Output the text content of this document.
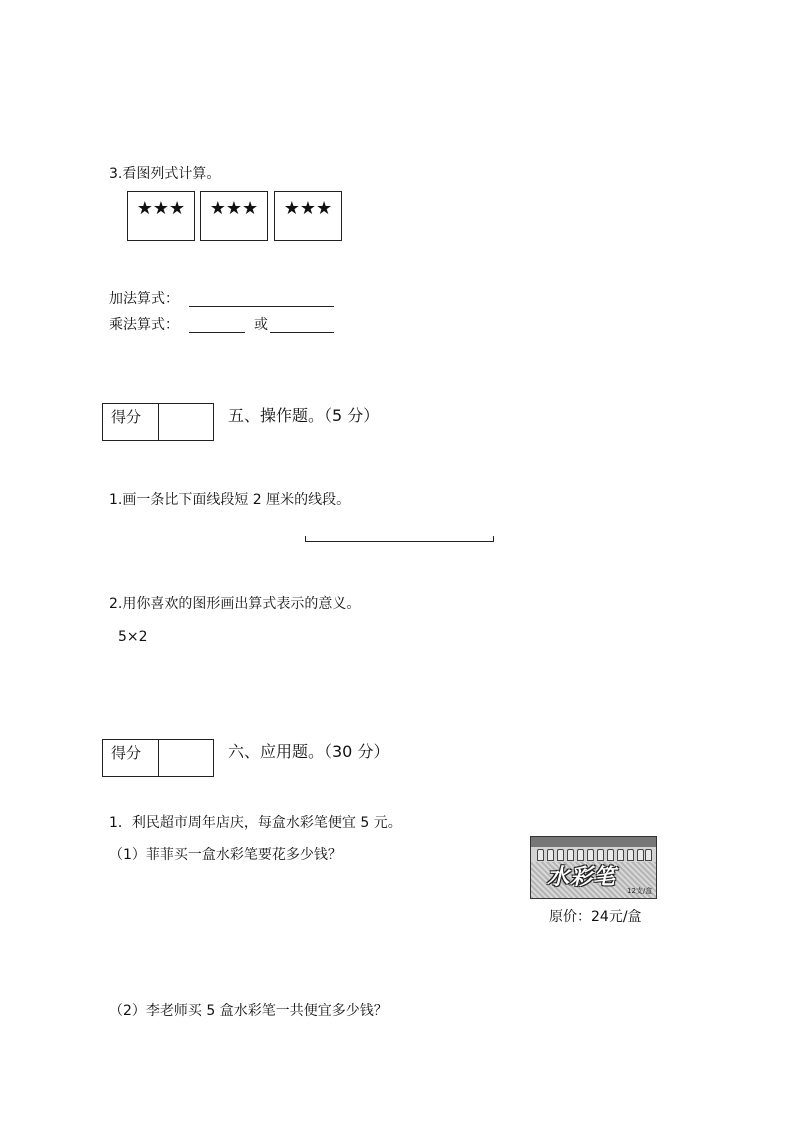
3.看图列式计算。
★★★	★★★	★★★
加法算式：
乘法算式：	或
得分	五、操作题。（5 分）
1.画一条比下面线段短 2 厘米的线段。
2.用你喜欢的图形画出算式表示的意义。
5×2
得分	六、应用题。（30 分）
1．利民超市周年店庆，每盒水彩笔便宜 5 元。
（1）菲菲买一盒水彩笔要花多少钱？
水彩笔
12支/盒
原价：24元/盒
（2）李老师买 5 盒水彩笔一共便宜多少钱？
